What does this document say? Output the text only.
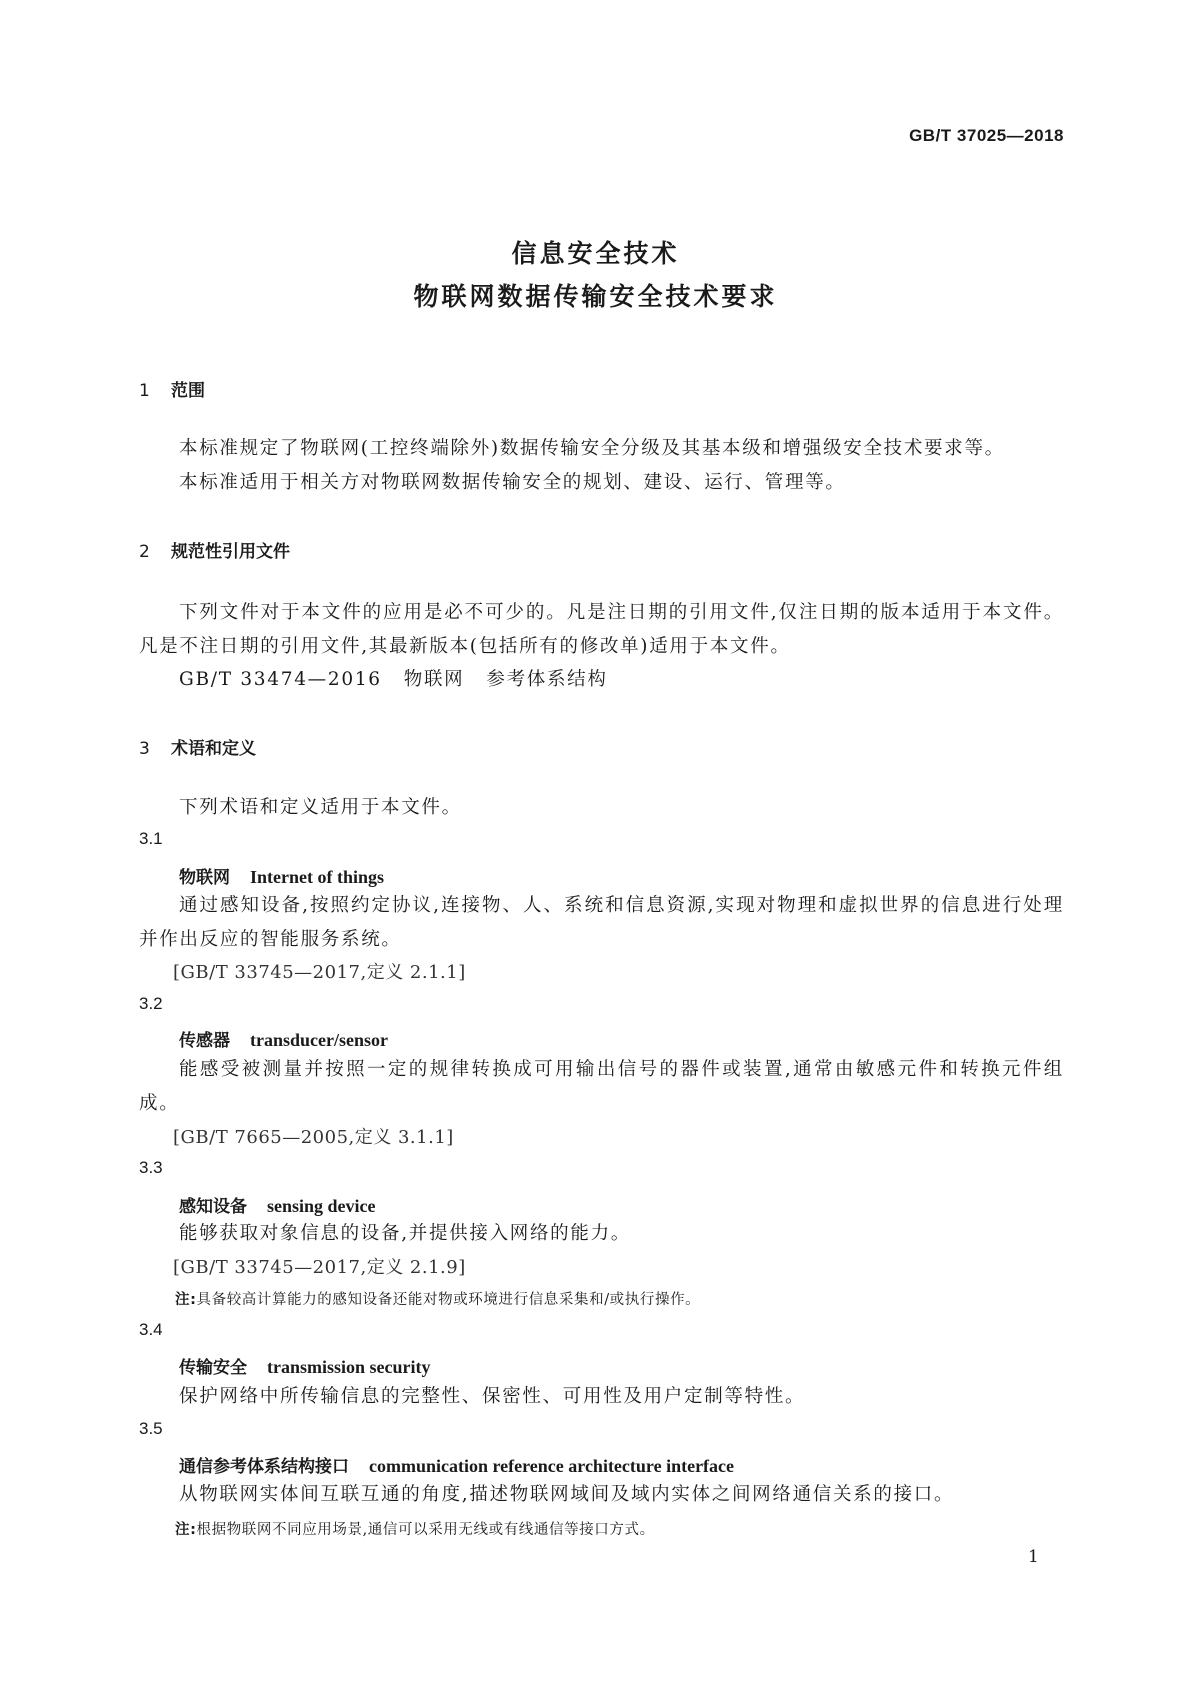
GB/T 37025—2018
信息安全技术
物联网数据传输安全技术要求
1 范围
本标准规定了物联网(工控终端除外)数据传输安全分级及其基本级和增强级安全技术要求等。
本标准适用于相关方对物联网数据传输安全的规划、建设、运行、管理等。
2 规范性引用文件
下列文件对于本文件的应用是必不可少的。凡是注日期的引用文件,仅注日期的版本适用于本文件。凡是不注日期的引用文件,其最新版本(包括所有的修改单)适用于本文件。
GB/T 33474—2016 物联网 参考体系结构
3 术语和定义
下列术语和定义适用于本文件。
3.1
物联网 Internet of things
通过感知设备,按照约定协议,连接物、人、系统和信息资源,实现对物理和虚拟世界的信息进行处理并作出反应的智能服务系统。
[GB/T 33745—2017,定义 2.1.1]
3.2
传感器 transducer/sensor
能感受被测量并按照一定的规律转换成可用输出信号的器件或装置,通常由敏感元件和转换元件组成。
[GB/T 7665—2005,定义 3.1.1]
3.3
感知设备 sensing device
能够获取对象信息的设备,并提供接入网络的能力。
[GB/T 33745—2017,定义 2.1.9]
注:具备较高计算能力的感知设备还能对物或环境进行信息采集和/或执行操作。
3.4
传输安全 transmission security
保护网络中所传输信息的完整性、保密性、可用性及用户定制等特性。
3.5
通信参考体系结构接口 communication reference architecture interface
从物联网实体间互联互通的角度,描述物联网域间及域内实体之间网络通信关系的接口。
注:根据物联网不同应用场景,通信可以采用无线或有线通信等接口方式。
1
